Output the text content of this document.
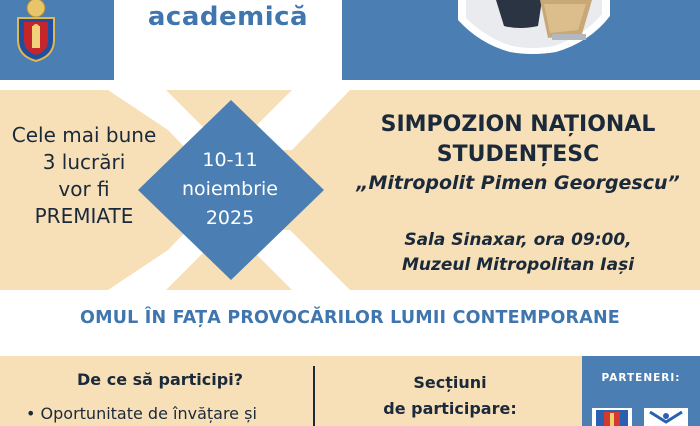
academică
Cele mai bune
3 lucrări
vor fi
PREMIATE
10-11
noiembrie
2025
SIMPOZION NAȚIONAL
STUDENȚESC
„Mitropolit Pimen Georgescu”
Sala Sinaxar, ora 09:00,
Muzeul Mitropolitan Iași
OMUL ÎN FAȚA PROVOCĂRILOR LUMII CONTEMPORANE
De ce să participi?
• Oportunitate de învățare și
Secțiuni
de participare:
PARTENERI:
